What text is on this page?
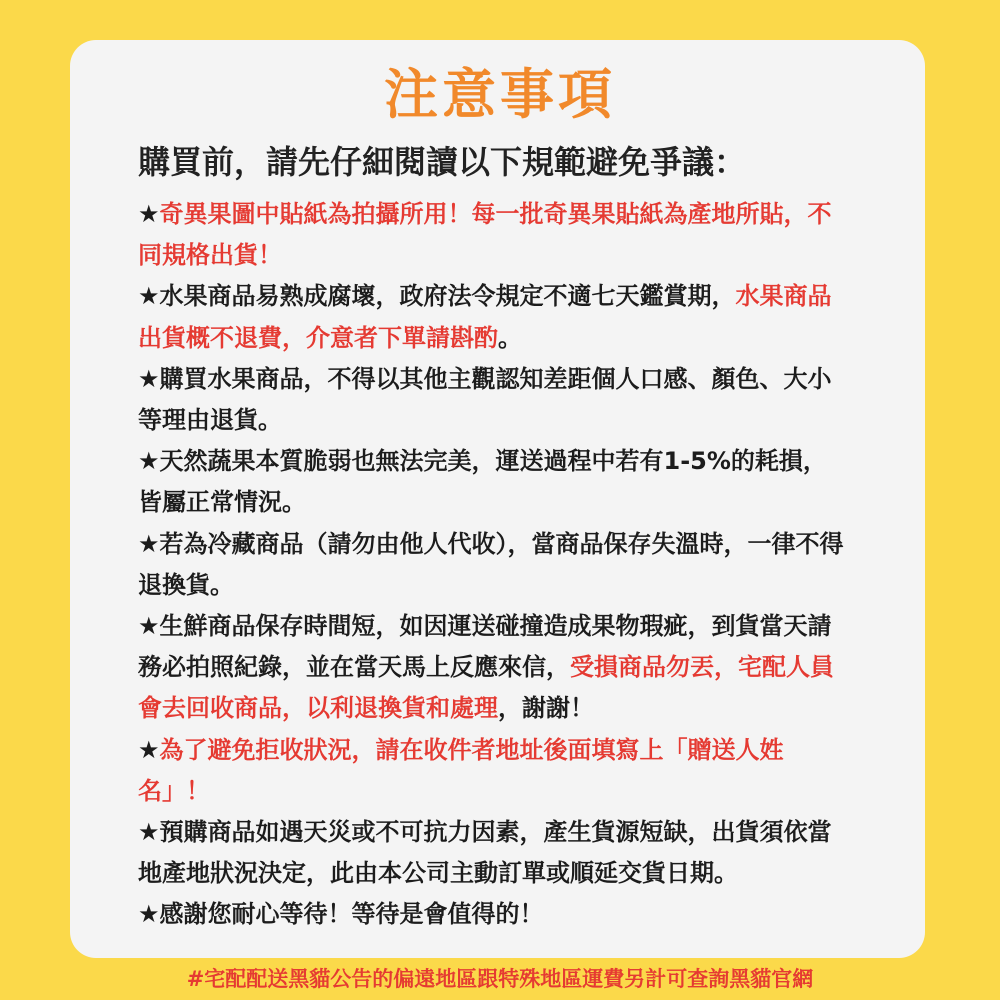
注意事項
購買前，請先仔細閱讀以下規範避免爭議：

★奇異果圖中貼紙為拍攝所用！每一批奇異果貼紙為產地所貼，不同規格出貨！

★水果商品易熟成腐壞，政府法令規定不適七天鑑賞期，水果商品出貨概不退費，介意者下單請斟酌。

★購買水果商品，不得以其他主觀認知差距個人口感、顏色、大小等理由退貨。

★天然蔬果本質脆弱也無法完美，運送過程中若有1-5%的耗損，皆屬正常情況。

★若為冷藏商品（請勿由他人代收），當商品保存失溫時，一律不得退換貨。

★生鮮商品保存時間短，如因運送碰撞造成果物瑕疵，到貨當天請務必拍照紀錄，並在當天馬上反應來信，受損商品勿丟，宅配人員會去回收商品，以利退換貨和處理，謝謝！

★為了避免拒收狀況，請在收件者地址後面填寫上「贈送人姓名」！

★預購商品如遇天災或不可抗力因素，產生貨源短缺，出貨須依當地產地狀況決定，此由本公司主動訂單或順延交貨日期。

★感謝您耐心等待！等待是會值得的！

#宅配配送黑貓公告的偏遠地區跟特殊地區運費另計可查詢黑貓官網
